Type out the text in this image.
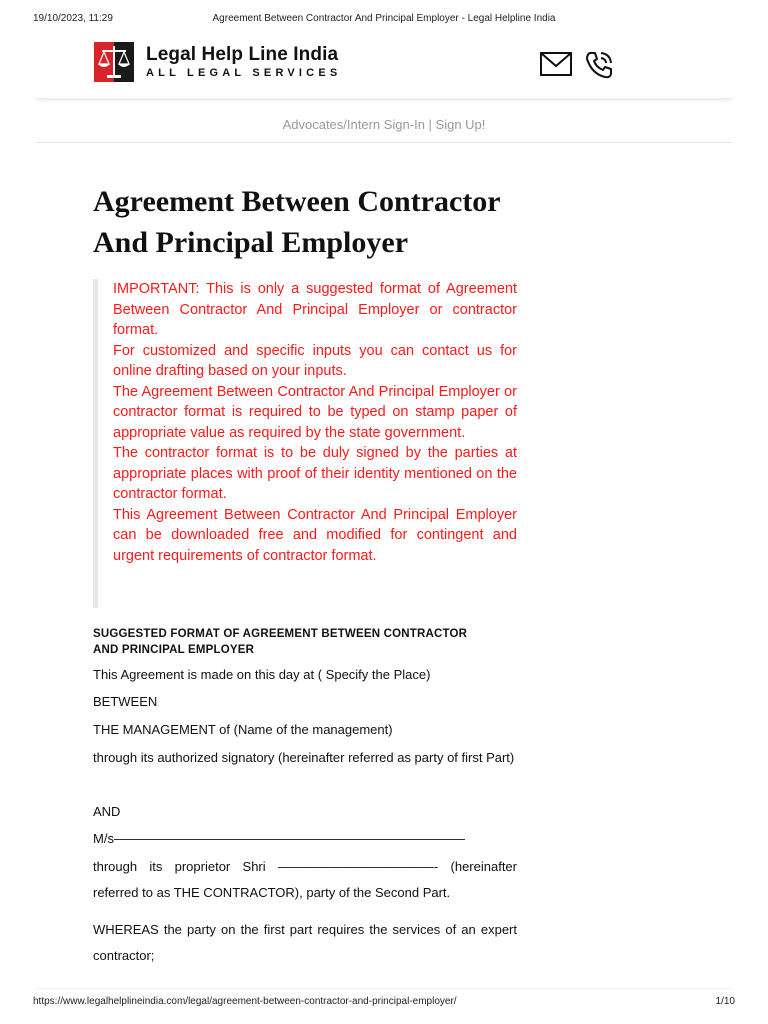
19/10/2023, 11:29	Agreement Between Contractor And Principal Employer - Legal Helpline India
Legal Help Line India
ALL LEGAL SERVICES
Advocates/Intern Sign-In | Sign Up!
Agreement Between Contractor And Principal Employer

IMPORTANT: This is only a suggested format of Agreement Between Contractor And Principal Employer or contractor format.

For customized and specific inputs you can contact us for online drafting based on your inputs.

The Agreement Between Contractor And Principal Employer or contractor format is required to be typed on stamp paper of appropriate value as required by the state government.

The contractor format is to be duly signed by the parties at appropriate places with proof of their identity mentioned on the contractor format.

This Agreement Between Contractor And Principal Employer can be downloaded free and modified for contingent and urgent requirements of contractor format.

SUGGESTED FORMAT OF AGREEMENT BETWEEN CONTRACTOR AND PRINCIPAL EMPLOYER
This Agreement is made on this day at ( Specify the Place)
BETWEEN
THE MANAGEMENT of (Name of the management)
through its authorized signatory (hereinafter referred as party of first Part)
AND
M/s———————————————————————————
through its proprietor Shri ————————————- (hereinafter referred to as THE CONTRACTOR), party of the Second Part.
WHEREAS the party on the first part requires the services of an expert contractor;
https://www.legalhelplineindia.com/legal/agreement-between-contractor-and-principal-employer/	1/10
